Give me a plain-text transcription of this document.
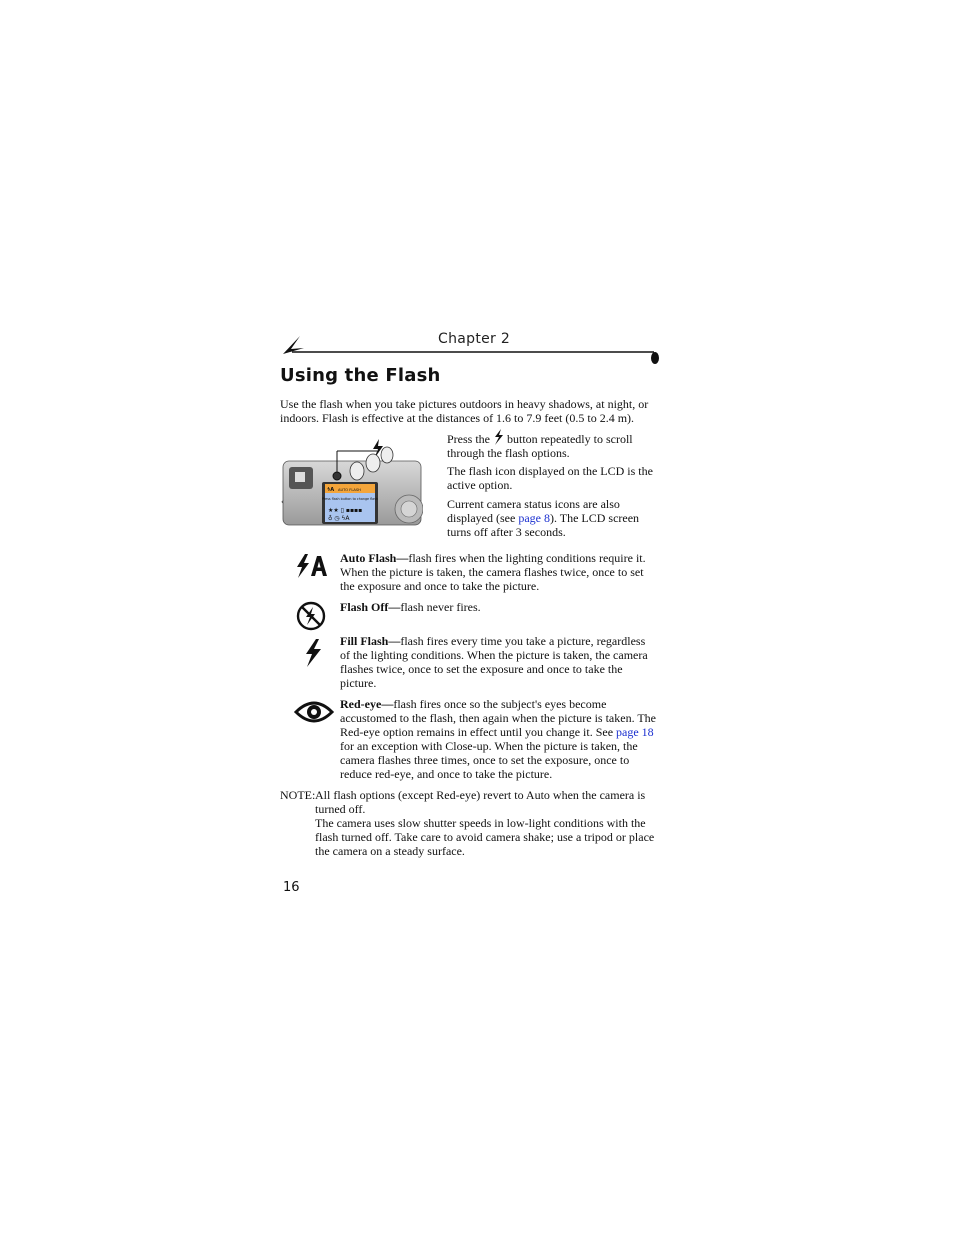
Chapter 2
Using the Flash
Use the flash when you take pictures outdoors in heavy shadows, at night, or indoors. Flash is effective at the distances of 1.6 to 7.9 feet (0.5 to 2.4 m).
ϟA AUTO FLASH
Press flash button to change flash
★★ ▯ ▪▪▪▪
♁ ◷ ϟA
‹
Press the button repeatedly to scroll through the flash options.
The flash icon displayed on the LCD is the active option.
Current camera status icons are also displayed (see page 8). The LCD screen turns off after 3 seconds.
Auto Flash—flash fires when the lighting conditions require it. When the picture is taken, the camera flashes twice, once to set the exposure and once to take the picture.
Flash Off—flash never fires.
Fill Flash—flash fires every time you take a picture, regardless of the lighting conditions. When the picture is taken, the camera flashes twice, once to set the exposure and once to take the picture.
Red-eye—flash fires once so the subject's eyes become accustomed to the flash, then again when the picture is taken. The Red-eye option remains in effect until you change it. See page 18 for an exception with Close-up. When the picture is taken, the camera flashes three times, once to set the exposure, once to reduce red-eye, and once to take the picture.
NOTE: All flash options (except Red-eye) revert to Auto when the camera is turned off.
The camera uses slow shutter speeds in low-light conditions with the flash turned off. Take care to avoid camera shake; use a tripod or place the camera on a steady surface.
16
